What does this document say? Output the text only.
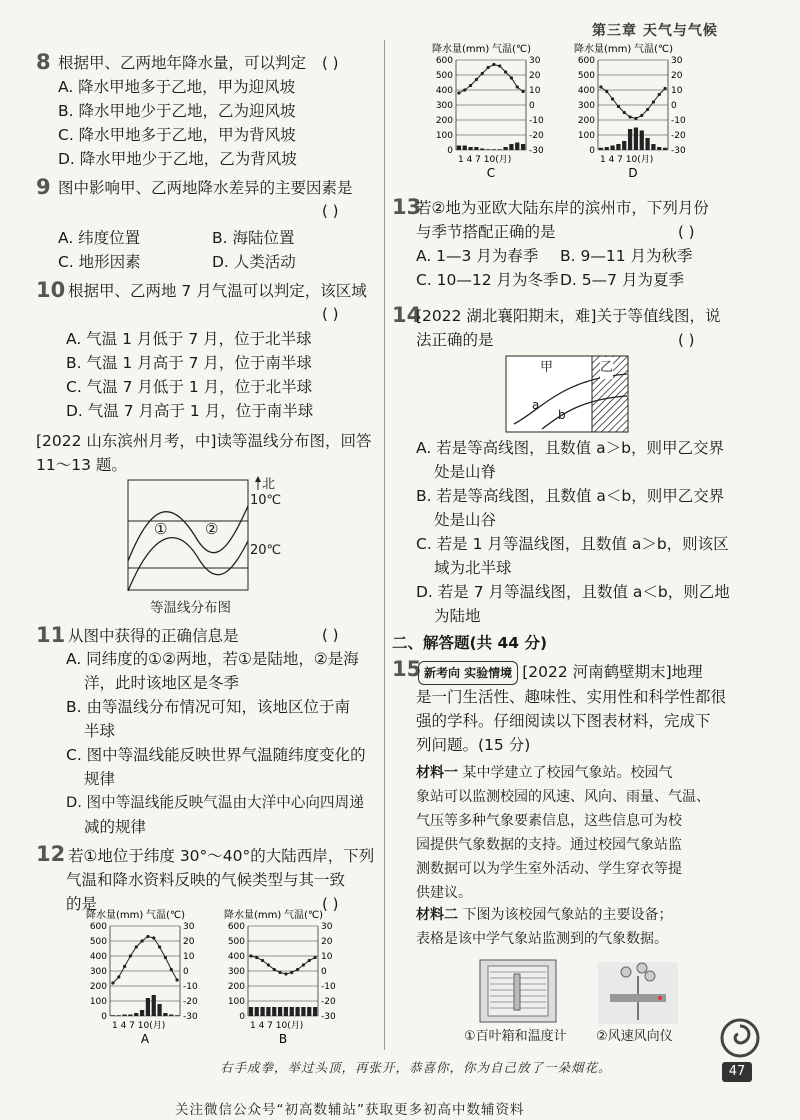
第三章 天气与气候
8 根据甲、乙两地年降水量，可以判定 ( )
A. 降水甲地多于乙地，甲为迎风坡
B. 降水甲地少于乙地，乙为迎风坡
C. 降水甲地多于乙地，甲为背风坡
D. 降水甲地少于乙地，乙为背风坡
9 图中影响甲、乙两地降水差异的主要因素是
( )
A. 纬度位置	B. 海陆位置
C. 地形因素	D. 人类活动
10 根据甲、乙两地 7 月气温可以判定，该区域
( )
A. 气温 1 月低于 7 月，位于北半球
B. 气温 1 月高于 7 月，位于南半球
C. 气温 7 月低于 1 月，位于北半球
D. 气温 7 月高于 1 月，位于南半球
[2022 山东滨州月考，中]读等温线分布图，回答
11～13 题。
北
10℃
20℃
①	②
等温线分布图
11 从图中获得的正确信息是	( )
A. 同纬度的①②两地，若①是陆地，②是海
洋，此时该地区是冬季
B. 由等温线分布情况可知，该地区位于南
半球
C. 图中等温线能反映世界气温随纬度变化的
规律
D. 图中等温线能反映气温由大洋中心向四周递
减的规律
12 若①地位于纬度 30°～40°的大陆西岸，下列
气温和降水资料反映的气候类型与其一致
的是	( )
降水量(mm) 气温(℃)
600	30
500	20
400	10
300	0
200	-10
100	-20
0	-30
1 4 7 10(月)
A
降水量(mm) 气温(℃)
600	30
500	20
400	10
300	0
200	-10
100	-20
0	-30
1 4 7 10(月)
B
降水量(mm) 气温(℃)
600	30
500	20
400	10
300	0
200	-10
100	-20
0	-30
1 4 7 10(月)
C
降水量(mm) 气温(℃)
600	30
500	20
400	10
300	0
200	-10
100	-20
0	-30
1 4 7 10(月)
D
13
若②地为亚欧大陆东岸的滨州市，下列月份
与季节搭配正确的是	( )
A. 1—3 月为春季 B. 9—11 月为秋季
C. 10—12 月为冬季 D. 5—7 月为夏季
14
[2022 湖北襄阳期末，难]关于等值线图，说
法正确的是	( )
甲	乙
a
b
A. 若是等高线图，且数值 a＞b，则甲乙交界
处是山脊
B. 若是等高线图，且数值 a＜b，则甲乙交界
处是山谷
C. 若是 1 月等温线图，且数值 a＞b，则该区
域为北半球
D. 若是 7 月等温线图，且数值 a＜b，则乙地
为陆地
二、解答题(共 44 分)
15 新考向 实验情境 [2022 河南鹤壁期末]地理
是一门生活性、趣味性、实用性和科学性都很
强的学科。仔细阅读以下图表材料，完成下
列问题。(15 分)
材料一 某中学建立了校园气象站。校园气
象站可以监测校园的风速、风向、雨量、气温、
气压等多种气象要素信息，这些信息可为校
园提供气象数据的支持。通过校园气象站监
测数据可以为学生室外活动、学生穿衣等提
供建议。
材料二 下图为该校园气象站的主要设备；
表格是该中学气象站监测到的气象数据。
①百叶箱和温度计 ②风速风向仪
右手成拳，举过头顶，再张开，恭喜你，你为自己放了一朵烟花。	47
关注微信公众号“初高数辅站”获取更多初高中数辅资料
